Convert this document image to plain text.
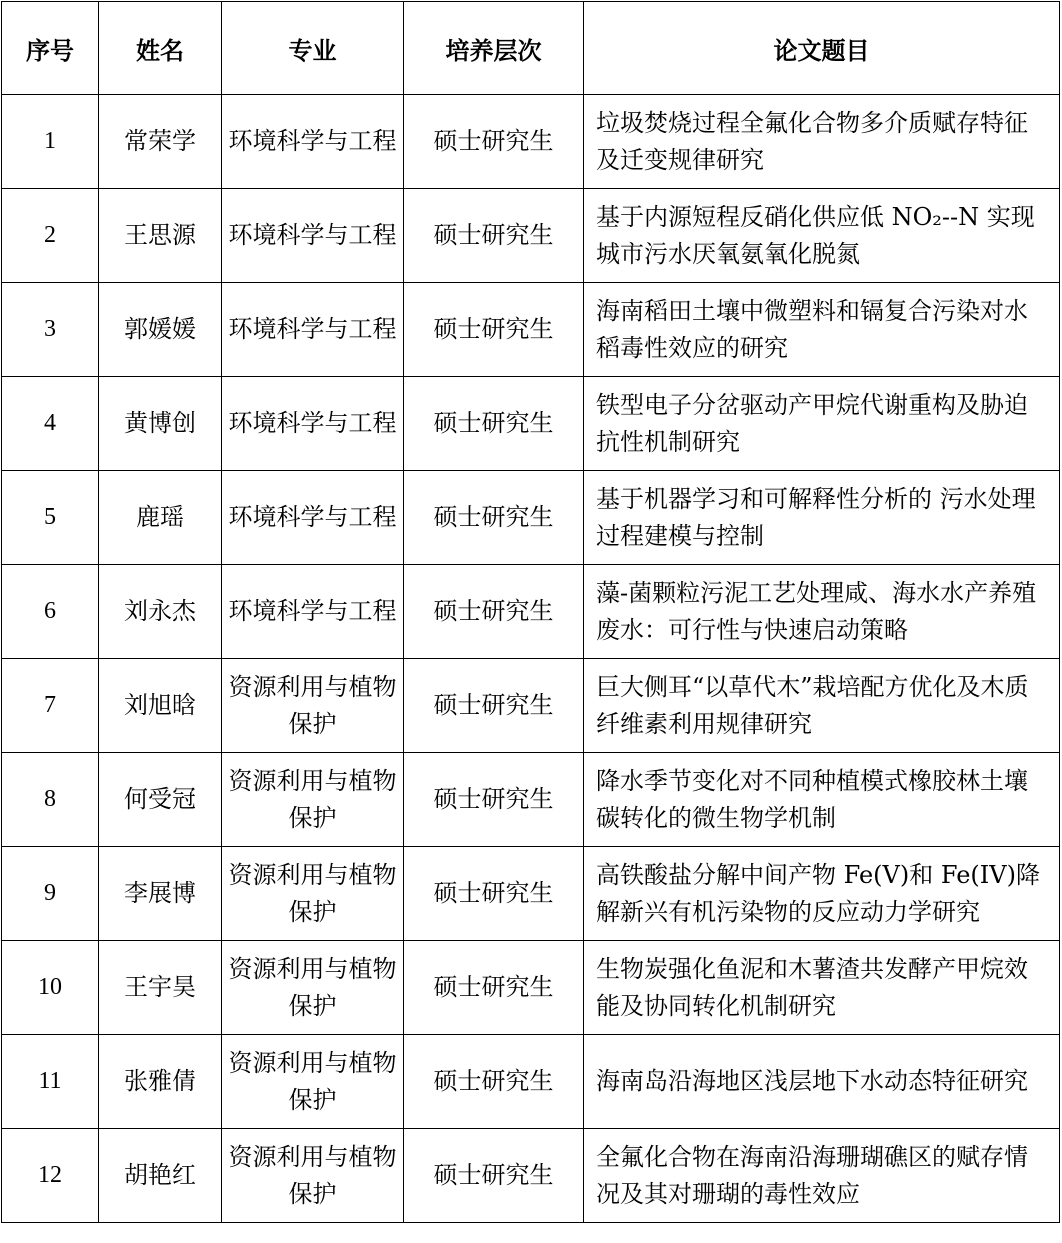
序号	姓名	专业	培养层次	论文题目
1	常荣学	环境科学与工程	硕士研究生	垃圾焚烧过程全氟化合物多介质赋存特征及迁变规律研究
2	王思源	环境科学与工程	硕士研究生	基于内源短程反硝化供应低 NO₂--N 实现城市污水厌氧氨氧化脱氮
3	郭媛媛	环境科学与工程	硕士研究生	海南稻田土壤中微塑料和镉复合污染对水稻毒性效应的研究
4	黄博创	环境科学与工程	硕士研究生	铁型电子分岔驱动产甲烷代谢重构及胁迫抗性机制研究
5	鹿瑶	环境科学与工程	硕士研究生	基于机器学习和可解释性分析的 污水处理过程建模与控制
6	刘永杰	环境科学与工程	硕士研究生	藻-菌颗粒污泥工艺处理咸、海水水产养殖废水：可行性与快速启动策略
7	刘旭晗	资源利用与植物保护	硕士研究生	巨大侧耳“以草代木”栽培配方优化及木质纤维素利用规律研究
8	何受冠	资源利用与植物保护	硕士研究生	降水季节变化对不同种植模式橡胶林土壤碳转化的微生物学机制
9	李展博	资源利用与植物保护	硕士研究生	高铁酸盐分解中间产物 Fe(V)和 Fe(IV)降解新兴有机污染物的反应动力学研究
10	王宇昊	资源利用与植物保护	硕士研究生	生物炭强化鱼泥和木薯渣共发酵产甲烷效能及协同转化机制研究
11	张雅倩	资源利用与植物保护	硕士研究生	海南岛沿海地区浅层地下水动态特征研究
12	胡艳红	资源利用与植物保护	硕士研究生	全氟化合物在海南沿海珊瑚礁区的赋存情况及其对珊瑚的毒性效应
